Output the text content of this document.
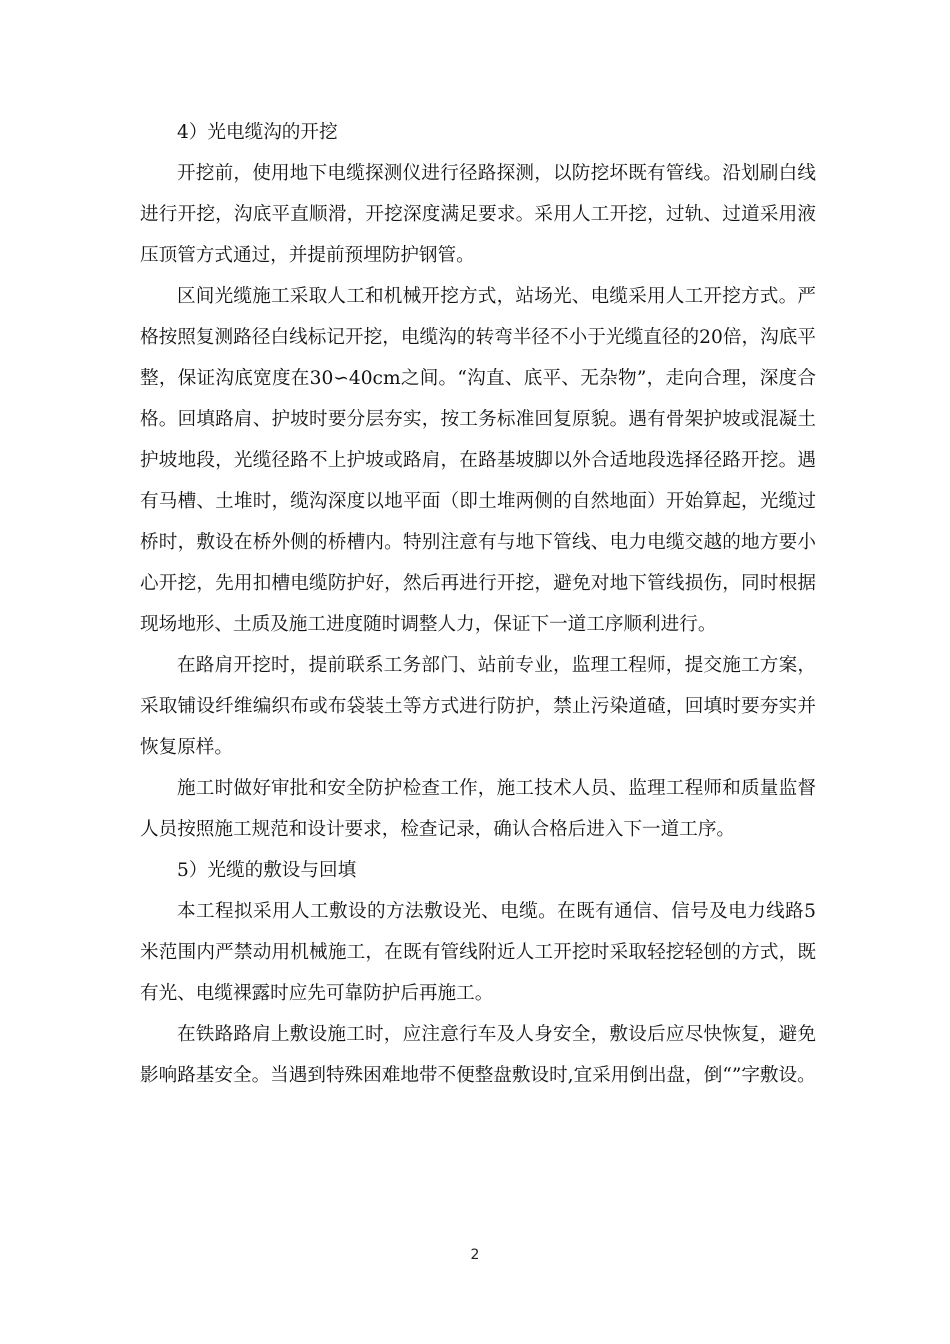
4）光电缆沟的开挖

开挖前，使用地下电缆探测仪进行径路探测，以防挖坏既有管线。沿划刷白线进行开挖，沟底平直顺滑，开挖深度满足要求。采用人工开挖，过轨、过道采用液压顶管方式通过，并提前预埋防护钢管。

区间光缆施工采取人工和机械开挖方式，站场光、电缆采用人工开挖方式。严格按照复测路径白线标记开挖，电缆沟的转弯半径不小于光缆直径的20倍，沟底平整，保证沟底宽度在30∽40cm之间。“沟直、底平、无杂物”，走向合理，深度合格。回填路肩、护坡时要分层夯实，按工务标准回复原貌。遇有骨架护坡或混凝土护坡地段，光缆径路不上护坡或路肩，在路基坡脚以外合适地段选择径路开挖。遇有马槽、土堆时，缆沟深度以地平面（即土堆两侧的自然地面）开始算起，光缆过桥时，敷设在桥外侧的桥槽内。特别注意有与地下管线、电力电缆交越的地方要小心开挖，先用扣槽电缆防护好，然后再进行开挖，避免对地下管线损伤，同时根据现场地形、土质及施工进度随时调整人力，保证下一道工序顺利进行。

在路肩开挖时，提前联系工务部门、站前专业，监理工程师，提交施工方案，采取铺设纤维编织布或布袋装土等方式进行防护，禁止污染道碴，回填时要夯实并恢复原样。

施工时做好审批和安全防护检查工作，施工技术人员、监理工程师和质量监督人员按照施工规范和设计要求，检查记录，确认合格后进入下一道工序。

5）光缆的敷设与回填

本工程拟采用人工敷设的方法敷设光、电缆。在既有通信、信号及电力线路5米范围内严禁动用机械施工，在既有管线附近人工开挖时采取轻挖轻刨的方式，既有光、电缆裸露时应先可靠防护后再施工。

在铁路路肩上敷设施工时，应注意行车及人身安全，敷设后应尽快恢复，避免影响路基安全。当遇到特殊困难地带不便整盘敷设时,宜采用倒出盘，倒“”字敷设。

2
